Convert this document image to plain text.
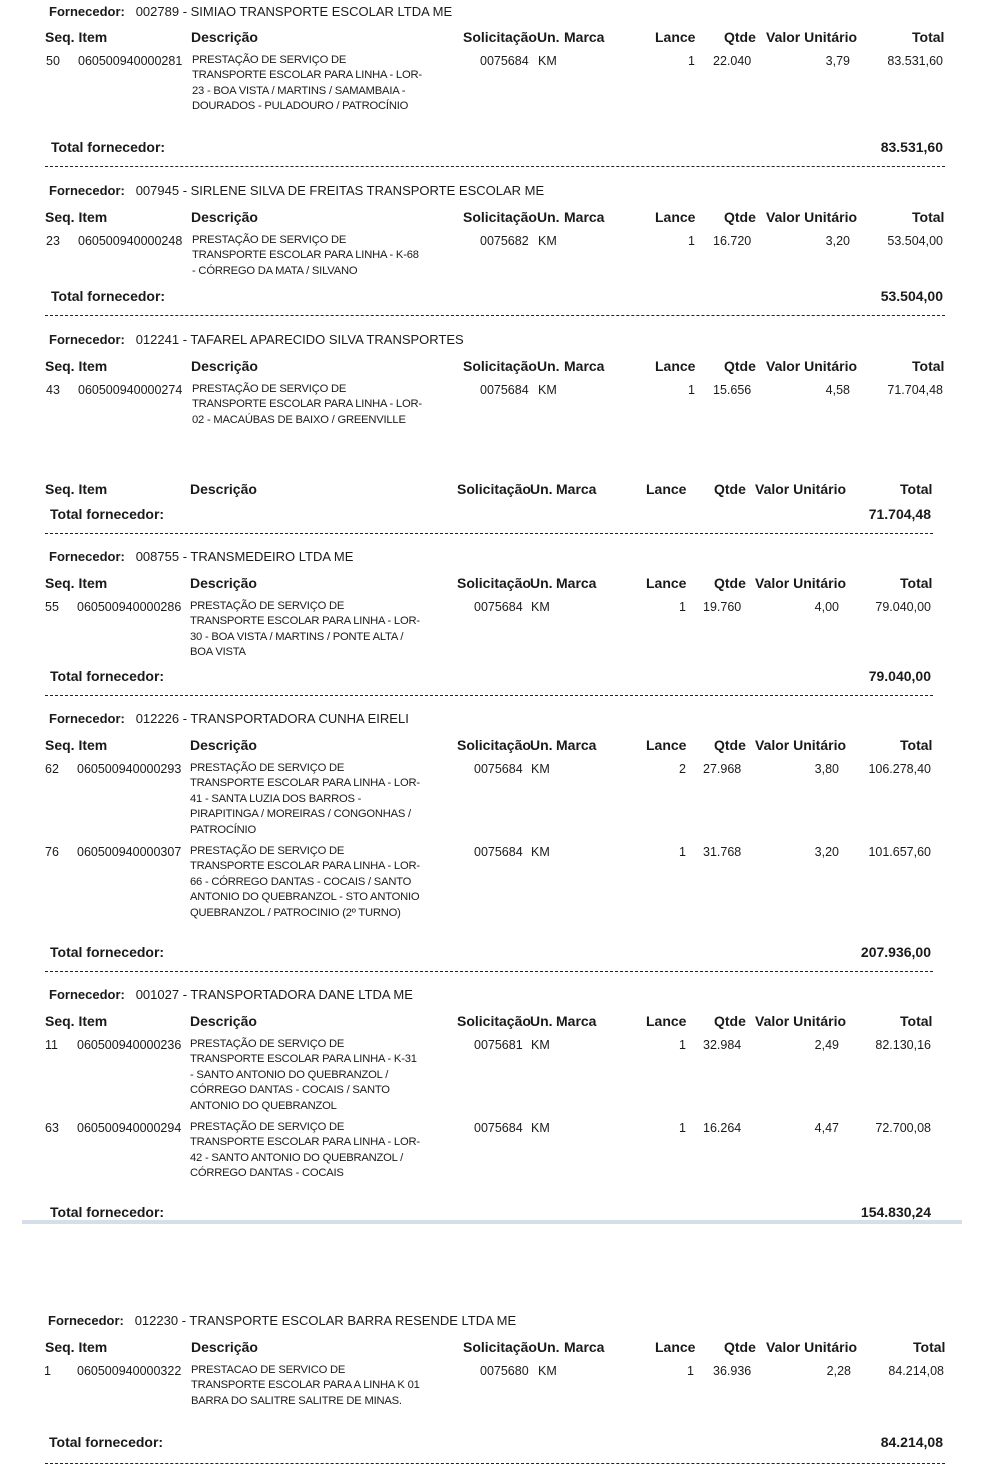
Fornecedor: 002789 - SIMIAO TRANSPORTE ESCOLAR LTDA ME
Seq. Item	Descrição	Solicitação Un. Marca	Lance Qtde Valor Unitário	Total
50 060500940000281 PRESTAÇÃO DE SERVIÇO DE TRANSPORTE ESCOLAR PARA LINHA - LOR-23 - BOA VISTA / MARTINS / SAMAMBAIA - DOURADOS - PULADOURO / PATROCÍNIO
0075684 KM	1 22.040	3,79	83.531,60
Total fornecedor:	83.531,60
Fornecedor: 007945 - SIRLENE SILVA DE FREITAS TRANSPORTE ESCOLAR ME
Seq. Item	Descrição	Solicitação Un. Marca	Lance Qtde Valor Unitário	Total
23 060500940000248 PRESTAÇÃO DE SERVIÇO DE TRANSPORTE ESCOLAR PARA LINHA - K-68 - CÓRREGO DA MATA / SILVANO
0075682 KM	1 16.720	3,20	53.504,00
Total fornecedor:	53.504,00
Fornecedor: 012241 - TAFAREL APARECIDO SILVA TRANSPORTES
Seq. Item	Descrição	Solicitação Un. Marca	Lance Qtde Valor Unitário	Total
43 060500940000274 PRESTAÇÃO DE SERVIÇO DE TRANSPORTE ESCOLAR PARA LINHA - LOR-02 - MACAÚBAS DE BAIXO / GREENVILLE
0075684 KM	1 15.656	4,58	71.704,48
Seq. Item	Descrição	Solicitação Un. Marca	Lance Qtde Valor Unitário	Total
Total fornecedor:	71.704,48
Fornecedor: 008755 - TRANSMEDEIRO LTDA ME
Seq. Item	Descrição	Solicitação Un. Marca	Lance Qtde Valor Unitário	Total
55 060500940000286 PRESTAÇÃO DE SERVIÇO DE TRANSPORTE ESCOLAR PARA LINHA - LOR-30 - BOA VISTA / MARTINS / PONTE ALTA / BOA VISTA
0075684 KM	1 19.760	4,00	79.040,00
Total fornecedor:	79.040,00
Fornecedor: 012226 - TRANSPORTADORA CUNHA EIRELI
Seq. Item	Descrição	Solicitação Un. Marca	Lance Qtde Valor Unitário	Total
62 060500940000293 PRESTAÇÃO DE SERVIÇO DE TRANSPORTE ESCOLAR PARA LINHA - LOR-41 - SANTA LUZIA DOS BARROS - PIRAPITINGA / MOREIRAS / CONGONHAS / PATROCÍNIO
0075684 KM	2 27.968	3,80 106.278,40
76 060500940000307 PRESTAÇÃO DE SERVIÇO DE TRANSPORTE ESCOLAR PARA LINHA - LOR-66 - CÓRREGO DANTAS - COCAIS / SANTO ANTONIO DO QUEBRANZOL - STO ANTONIO QUEBRANZOL / PATROCINIO (2º TURNO)
0075684 KM	1 31.768	3,20 101.657,60
Total fornecedor:	207.936,00
Fornecedor: 001027 - TRANSPORTADORA DANE LTDA ME
Seq. Item	Descrição	Solicitação Un. Marca	Lance Qtde Valor Unitário	Total
11 060500940000236 PRESTAÇÃO DE SERVIÇO DE TRANSPORTE ESCOLAR PARA LINHA - K-31 - SANTO ANTONIO DO QUEBRANZOL / CÓRREGO DANTAS - COCAIS / SANTO ANTONIO DO QUEBRANZOL
0075681 KM	1 32.984	2,49	82.130,16
63 060500940000294 PRESTAÇÃO DE SERVIÇO DE TRANSPORTE ESCOLAR PARA LINHA - LOR-42 - SANTO ANTONIO DO QUEBRANZOL / CÓRREGO DANTAS - COCAIS
0075684 KM	1 16.264	4,47	72.700,08
Total fornecedor:	154.830,24
Fornecedor: 012230 - TRANSPORTE ESCOLAR BARRA RESENDE LTDA ME
Seq. Item	Descrição	Solicitação Un. Marca	Lance Qtde Valor Unitário	Total
1 060500940000322 PRESTACAO DE SERVICO DE TRANSPORTE ESCOLAR PARA A LINHA K 01 BARRA DO SALITRE SALITRE DE MINAS.
0075680 KM	1 36.936	2,28	84.214,08
Total fornecedor:	84.214,08
